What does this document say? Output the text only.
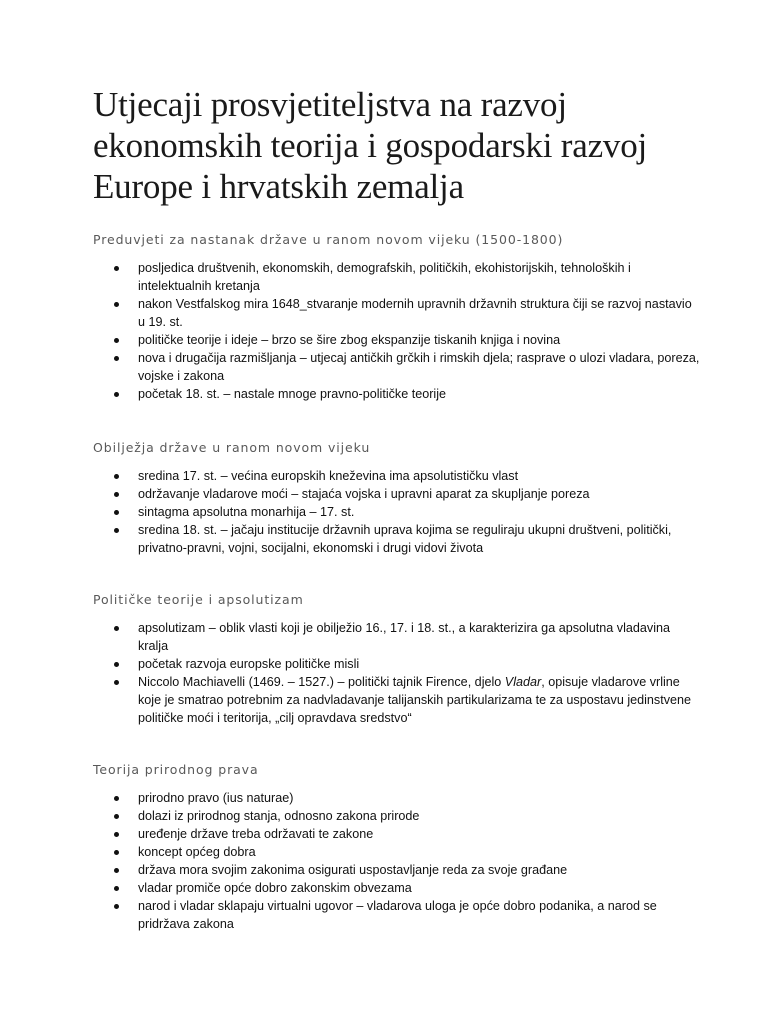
Utjecaji prosvjetiteljstva na razvoj ekonomskih teorija i gospodarski razvoj Europe i hrvatskih zemalja
Preduvjeti za nastanak države u ranom novom vijeku (1500-1800)
posljedica društvenih, ekonomskih, demografskih, političkih, ekohistorijskih, tehnoloških i intelektualnih kretanja
nakon Vestfalskog mira 1648_stvaranje modernih upravnih državnih struktura čiji se razvoj nastavio u 19. st.
političke teorije i ideje – brzo se šire zbog ekspanzije tiskanih knjiga i novina
nova i drugačija razmišljanja – utjecaj antičkih grčkih i rimskih djela; rasprave o ulozi vladara, poreza, vojske i zakona
početak 18. st. – nastale mnoge pravno-političke teorije
Obilježja države u ranom novom vijeku
sredina 17. st. – većina europskih kneževina ima apsolutističku vlast
održavanje vladarove moći – stajaća vojska i upravni aparat za skupljanje poreza
sintagma apsolutna monarhija – 17. st.
sredina 18. st. – jačaju institucije državnih uprava kojima se reguliraju ukupni društveni, politički, privatno-pravni, vojni, socijalni, ekonomski i drugi vidovi života
Političke teorije i apsolutizam
apsolutizam – oblik vlasti koji je obilježio 16., 17. i 18. st., a karakterizira ga apsolutna vladavina kralja
početak razvoja europske političke misli
Niccolo Machiavelli (1469. – 1527.) – politički tajnik Firence, djelo Vladar, opisuje vladarove vrline koje je smatrao potrebnim za nadvladavanje talijanskih partikularizama te za uspostavu jedinstvene političke moći i teritorija, „cilj opravdava sredstvo“
Teorija prirodnog prava
prirodno pravo (ius naturae)
dolazi iz prirodnog stanja, odnosno zakona prirode
uređenje države treba održavati te zakone
koncept općeg dobra
država mora svojim zakonima osigurati uspostavljanje reda za svoje građane
vladar promiče opće dobro zakonskim obvezama
narod i vladar sklapaju virtualni ugovor – vladarova uloga je opće dobro podanika, a narod se pridržava zakona
